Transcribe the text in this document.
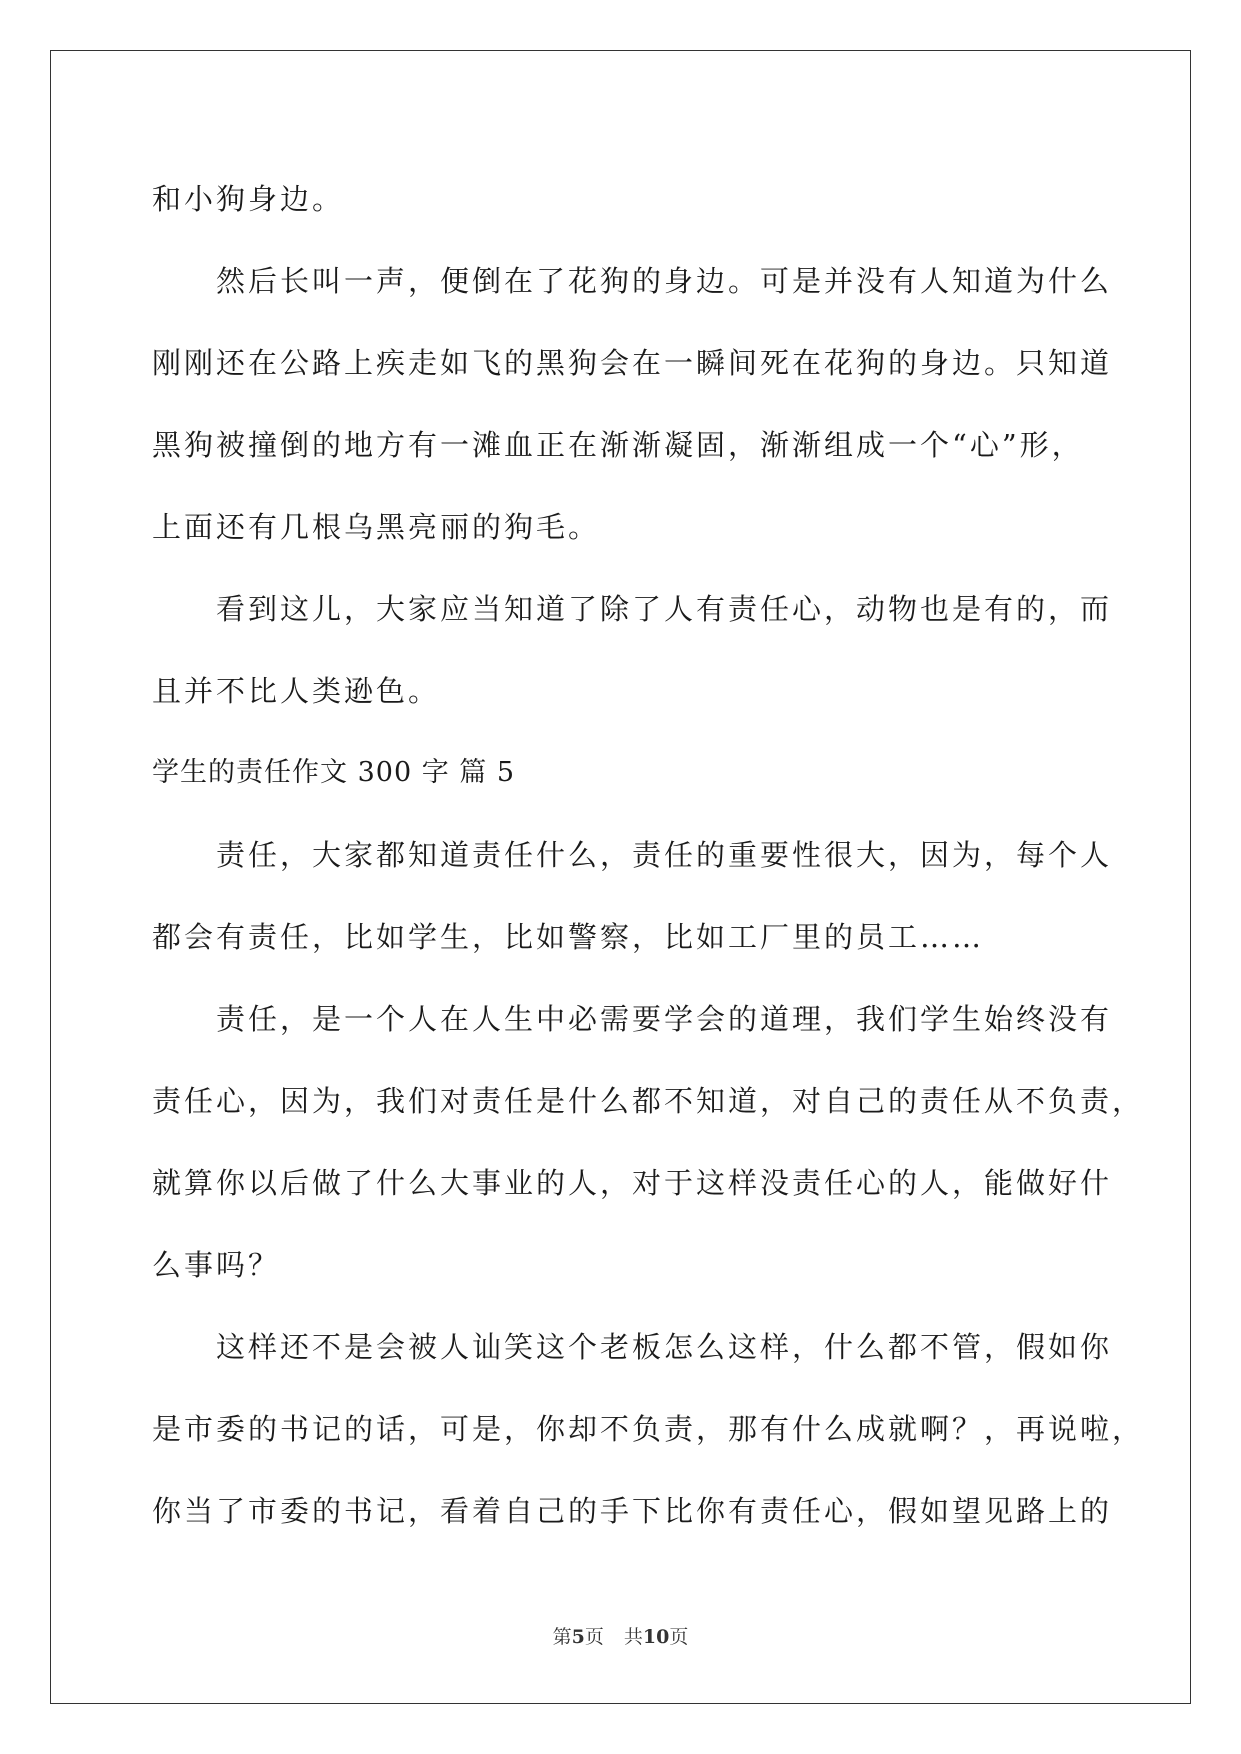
和小狗身边。
然后长叫一声，便倒在了花狗的身边。可是并没有人知道为什么
刚刚还在公路上疾走如飞的黑狗会在一瞬间死在花狗的身边。只知道
黑狗被撞倒的地方有一滩血正在渐渐凝固，渐渐组成一个“心”形，
上面还有几根乌黑亮丽的狗毛。
看到这儿，大家应当知道了除了人有责任心，动物也是有的，而
且并不比人类逊色。
学生的责任作文 300 字 篇 5
责任，大家都知道责任什么，责任的重要性很大，因为，每个人
都会有责任，比如学生，比如警察，比如工厂里的员工……
责任，是一个人在人生中必需要学会的道理，我们学生始终没有
责任心，因为，我们对责任是什么都不知道，对自己的责任从不负责，
就算你以后做了什么大事业的人，对于这样没责任心的人，能做好什
么事吗？
这样还不是会被人讪笑这个老板怎么这样，什么都不管，假如你
是市委的书记的话，可是，你却不负责，那有什么成就啊？，再说啦，
你当了市委的书记，看着自己的手下比你有责任心，假如望见路上的
第5页 共10页
